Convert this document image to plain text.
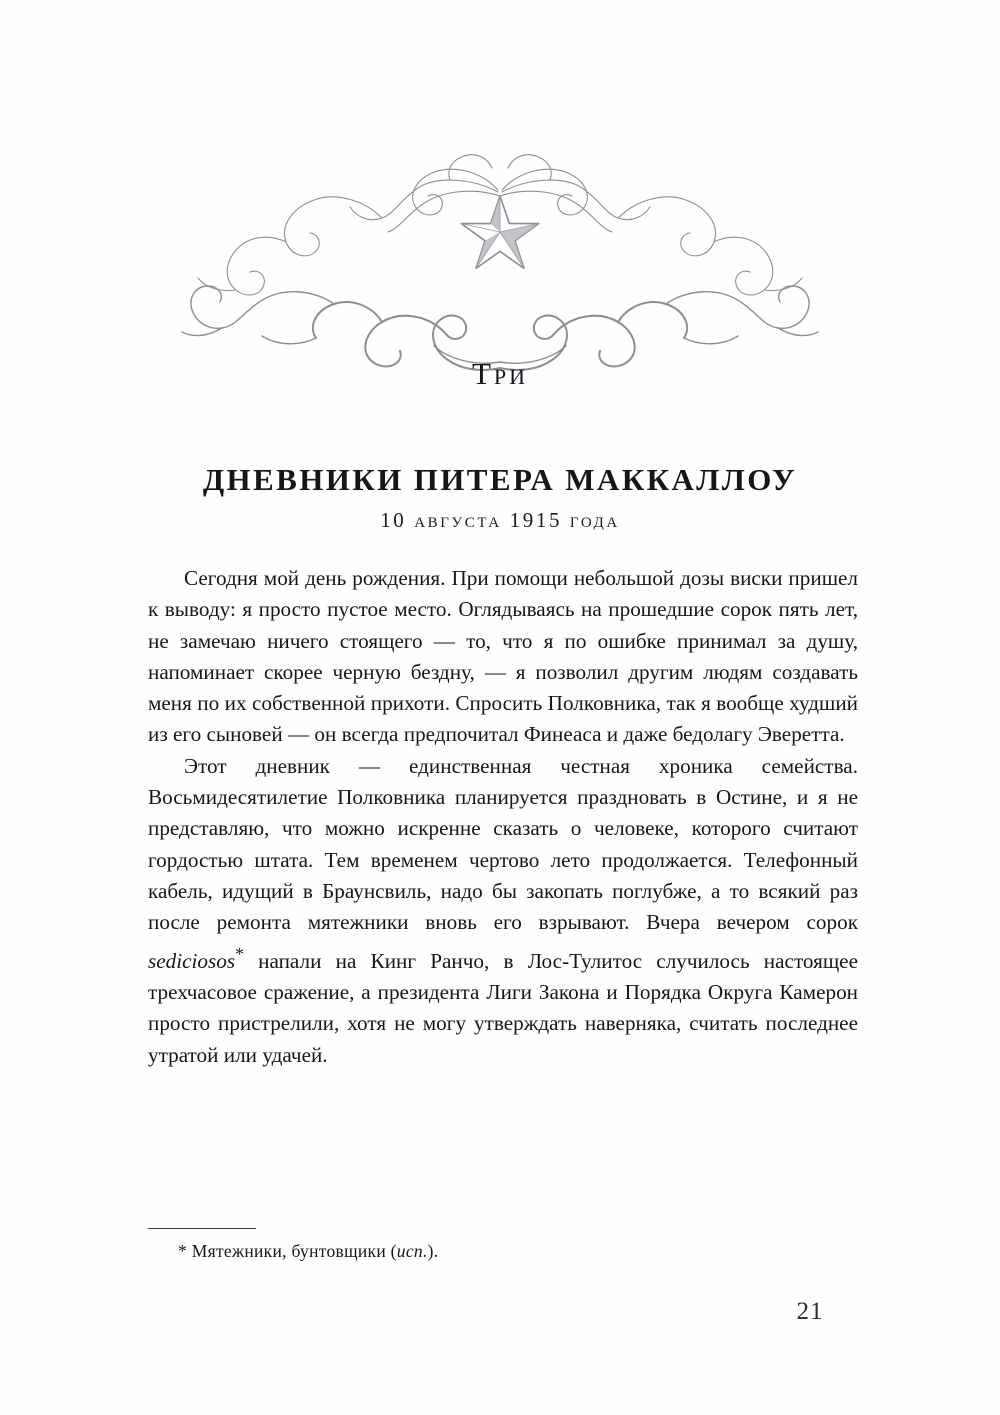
Три
ДНЕВНИКИ ПИТЕРА МАККАЛЛОУ
10 августа 1915 года

Сегодня мой день рождения. При помощи небольшой дозы виски пришел к выводу: я просто пустое место. Оглядываясь на прошедшие сорок пять лет, не замечаю ничего стоящего — то, что я по ошибке принимал за душу, напоминает скорее черную бездну, — я позволил другим людям создавать меня по их собственной прихоти. Спросить Полковника, так я вообще худший из его сыновей — он всегда предпочитал Финеаса и даже бедолагу Эверетта.

Этот дневник — единственная честная хроника семейства. Восьмидесятилетие Полковника планируется праздновать в Остине, и я не представляю, что можно искренне сказать о человеке, которого считают гордостью штата. Тем временем чертово лето продолжается. Телефонный кабель, идущий в Браунсвиль, надо бы закопать поглубже, а то всякий раз после ремонта мятежники вновь его взрывают. Вчера вечером сорок sediciosos* напали на Кинг Ранчо, в Лос-Тулитос случилось настоящее трехчасовое сражение, а президента Лиги Закона и Порядка Округа Камерон просто пристрелили, хотя не могу утверждать наверняка, считать последнее утратой или удачей.

* Мятежники, бунтовщики (исп.).
21
